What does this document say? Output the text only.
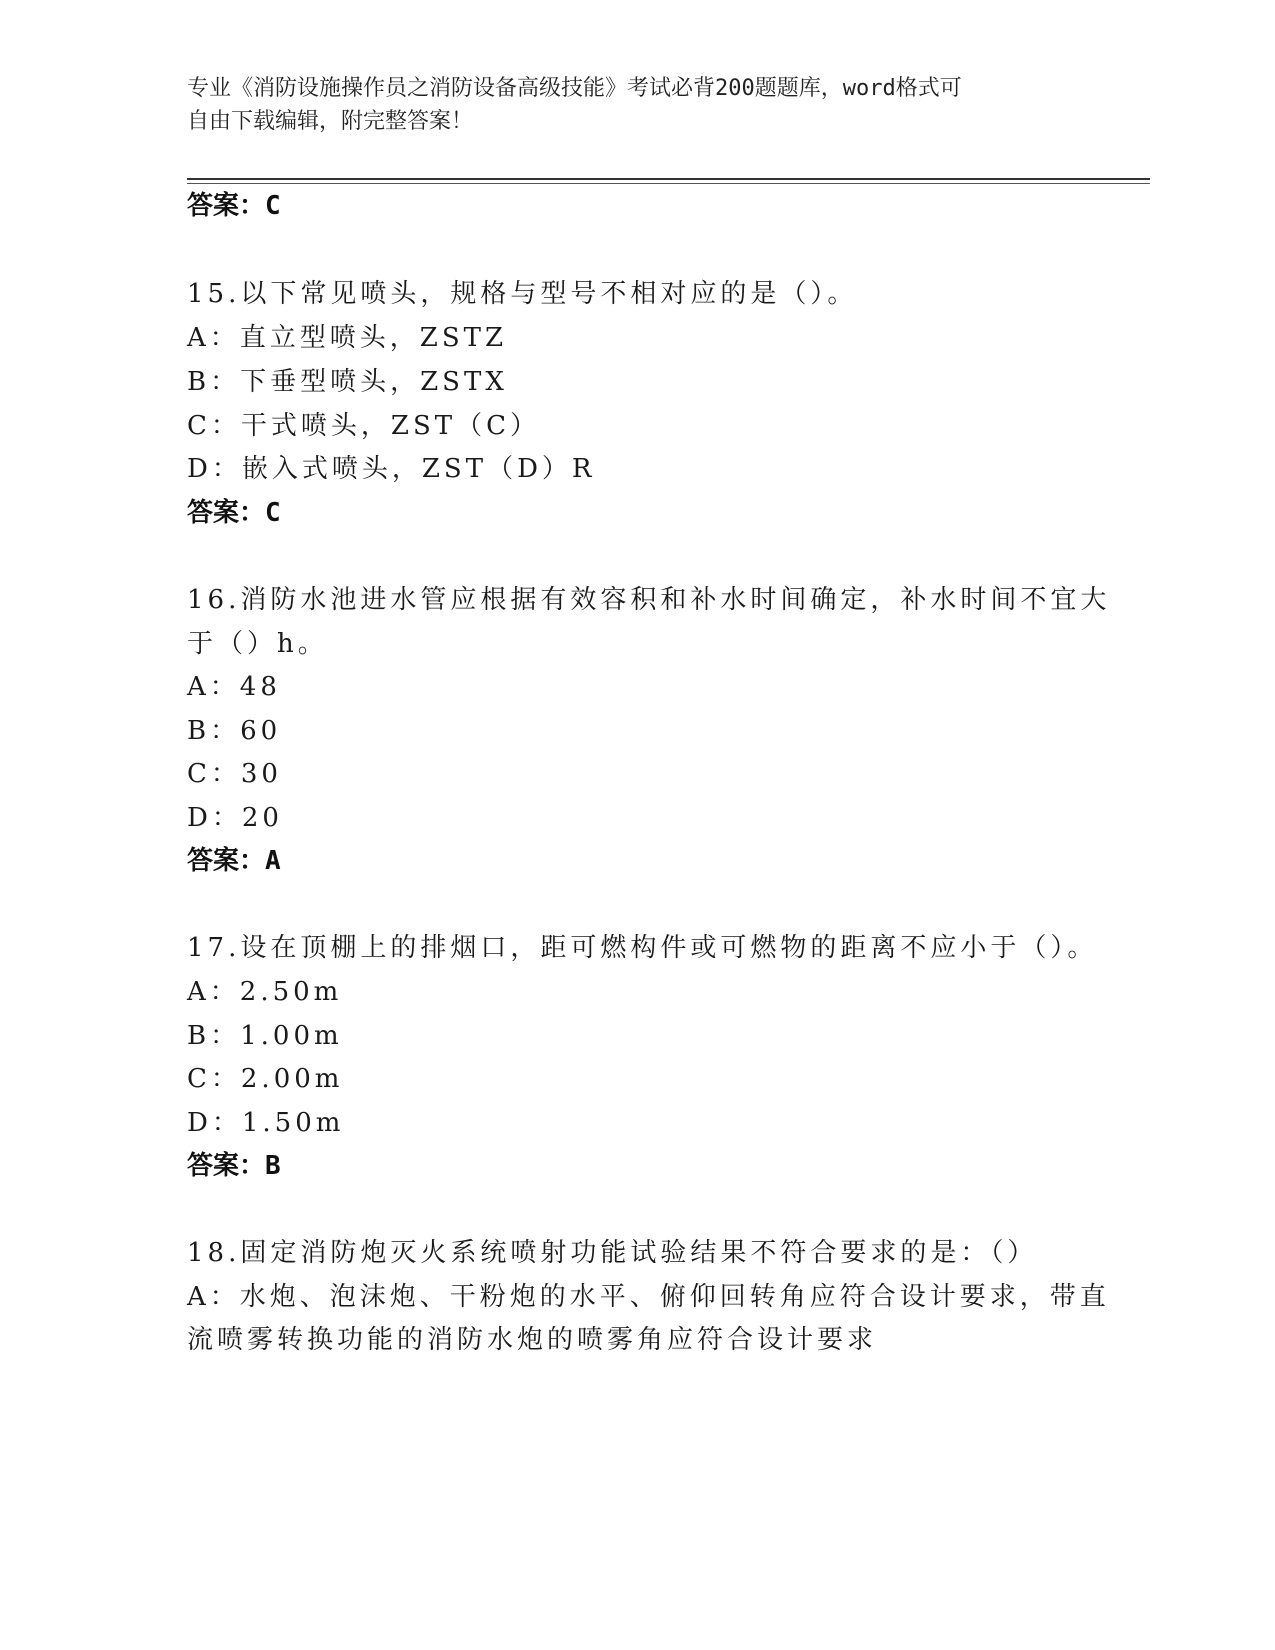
专业《消防设施操作员之消防设备高级技能》考试必背200题题库，word格式可
自由下载编辑，附完整答案！

答案：C

15.以下常见喷头，规格与型号不相对应的是（）。

A：直立型喷头，ZSTZ

B：下垂型喷头，ZSTX

C：干式喷头，ZST（C）

D：嵌入式喷头，ZST（D）R

答案：C

16.消防水池进水管应根据有效容积和补水时间确定，补水时间不宜大

于（）h。

A：48

B：60

C：30

D：20

答案：A

17.设在顶棚上的排烟口，距可燃构件或可燃物的距离不应小于（）。

A：2.50m

B：1.00m

C：2.00m

D：1.50m

答案：B

18.固定消防炮灭火系统喷射功能试验结果不符合要求的是：（）

A：水炮、泡沫炮、干粉炮的水平、俯仰回转角应符合设计要求，带直

流喷雾转换功能的消防水炮的喷雾角应符合设计要求
